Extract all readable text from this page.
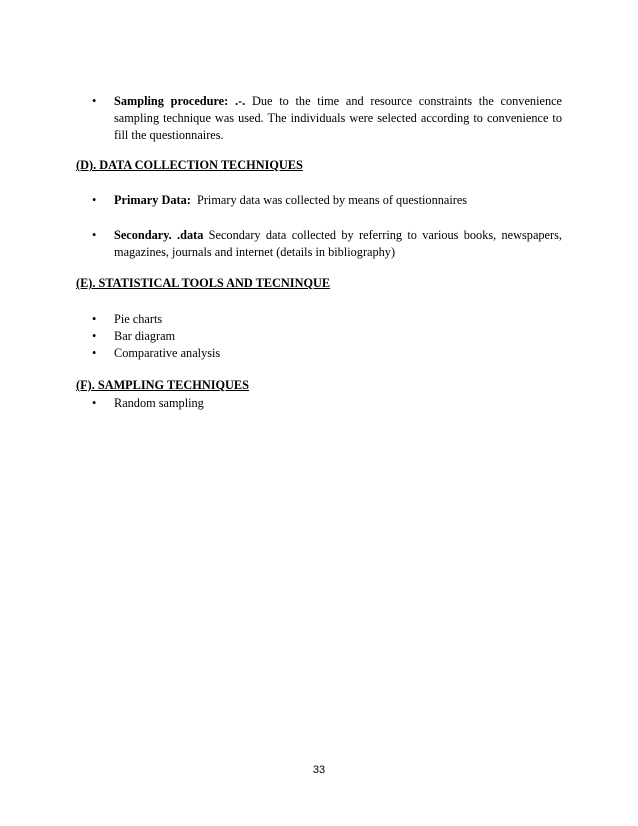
•	Sampling procedure: .-. Due to the time and resource constraints the convenience sampling technique was used. The individuals were selected according to convenience to fill the questionnaires.
(D). DATA COLLECTION TECHNIQUES
•	Primary Data:  Primary data was collected by means of questionnaires
•	Secondary. .data Secondary data collected by referring to various books, newspapers, magazines, journals and internet (details in bibliography)
(E). STATISTICAL TOOLS AND TECNINQUE
•	Pie charts
•	Bar diagram
•	Comparative analysis
(F). SAMPLING TECHNIQUES
•	Random sampling
33
